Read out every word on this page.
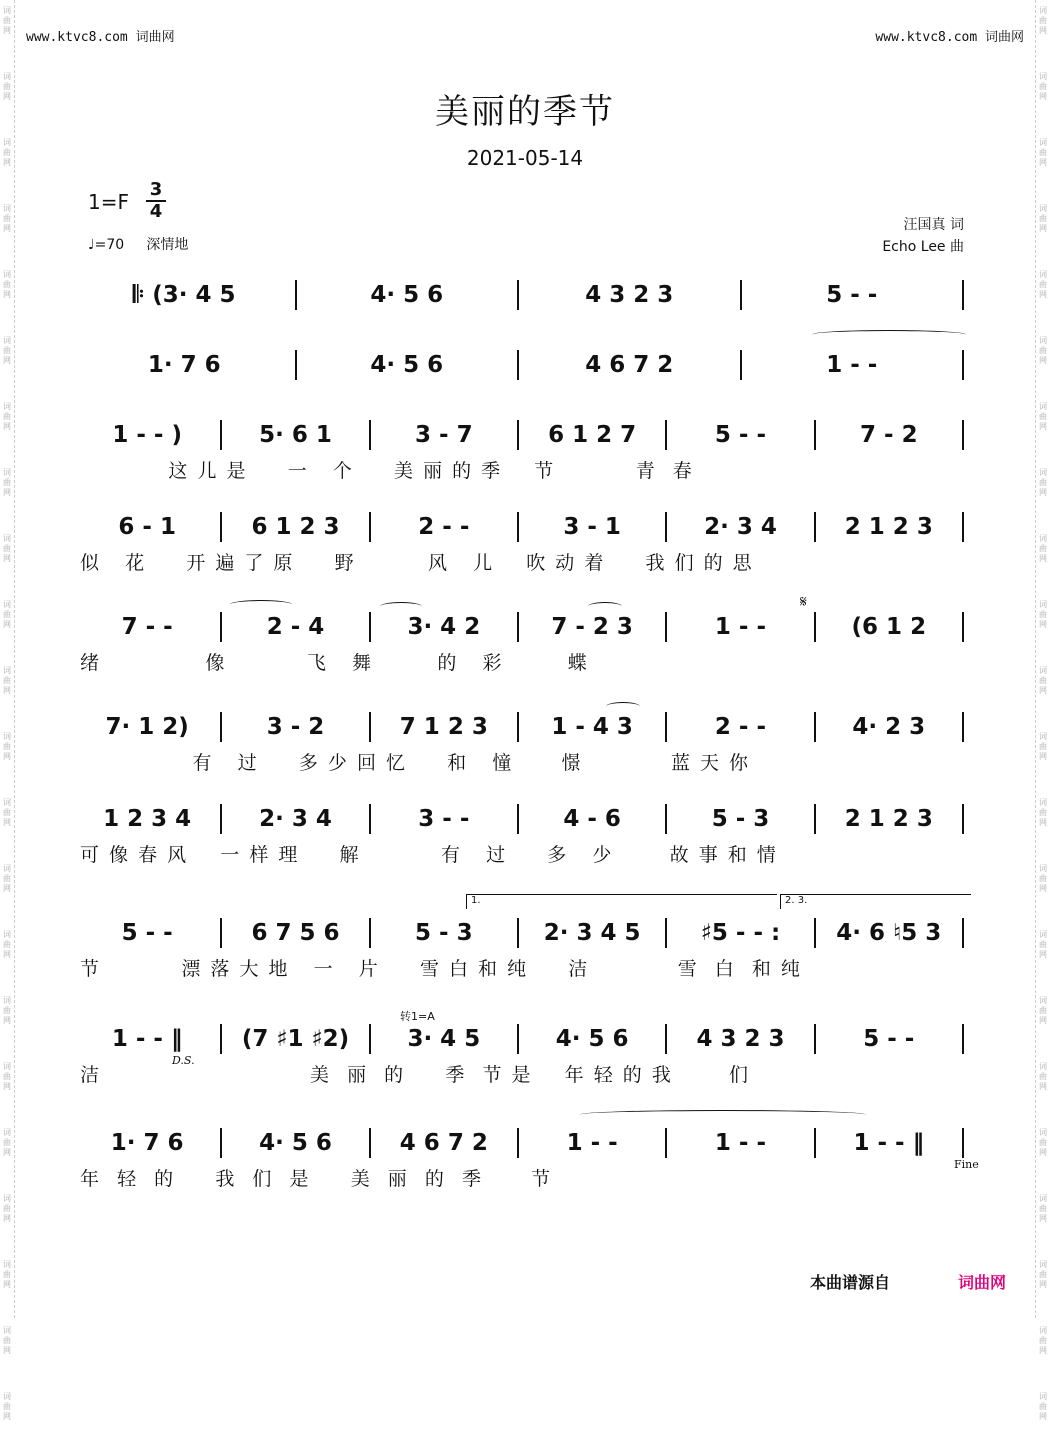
词
曲
网
词
曲
网
词
曲
网
词
曲
网
词
曲
网
词
曲
网
词
曲
网
词
曲
网
词
曲
网
词
曲
网
词
曲
网
词
曲
网
词
曲
网
词
曲
网
词
曲
网
词
曲
网
词
曲
网
词
曲
网
词
曲
网
词
曲
网
词
曲
网
词
曲
网
词
曲
网
词
曲
网
词
曲
网
词
曲
网
词
曲
网
词
曲
网
词
曲
网
词
曲
网
词
曲
网
词
曲
网
词
曲
网
词
曲
网
词
曲
网
词
曲
网
词
曲
网
词
曲
网
词
曲
网
词
曲
网
词
曲
网
词
曲
网
词
曲
网
词
曲
网
www.ktvc8.com 词曲网	www.ktvc8.com 词曲网
美丽的季节
2021-05-14
1=F
3
4
♩=70 深情地
汪国真 词
Echo Lee 曲
𝄆 (3· 4 5	4· 5 6	4 3 2 3	5 - -
1· 7 6	4· 5 6	4 6 7 2	1 - -
1 - - )	5· 6 1	3 - 7	6 1 2 7	5 - -	7 - 2
这 儿 是     一   个     美 丽 的 季    节          青  春
6 - 1	6 1 2 3	2 - -	3 - 1	2· 3 4	2 1 2 3
似   花     开 遍 了 原     野         风   儿    吹 动 着     我 们 的 思
7 - -	2 - 4	3· 4 2	7 - 2 3	1 - -	(6 1 2
绪             像          飞   舞        的   彩        蝶
7· 1 2)	3 - 2	7 1 2 3	1 - 4 3	2 - -	4· 2 3
有   过     多 少 回 忆     和   憧      憬           蓝 天 你
1 2 3 4	2· 3 4	3 - -	4 - 6	5 - 3	2 1 2 3
可 像 春 风    一 样 理     解          有   过     多   少       故 事 和 情
5 - -	6 7 5 6	5 - 3	2· 3 4 5	♯5 - - :	4· 6 ♮5 3
节          漂 落 大 地   一   片     雪 白 和 纯     洁           雪  白  和 纯
1 - - ‖	(7 ♯1 ♯2)	3· 4 5	4· 5 6	4 3 2 3	5 - -
洁                          美  丽  的     季  节 是    年 轻 的 我       们
1· 7 6	4· 5 6	4 6 7 2	1 - -	1 - -	1 - - ‖
年  轻  的     我  们  是     美  丽  的  季      节
𝄋
1.	2. 3.
D.S.
转1=A
Fine
本曲谱源自	词曲网
